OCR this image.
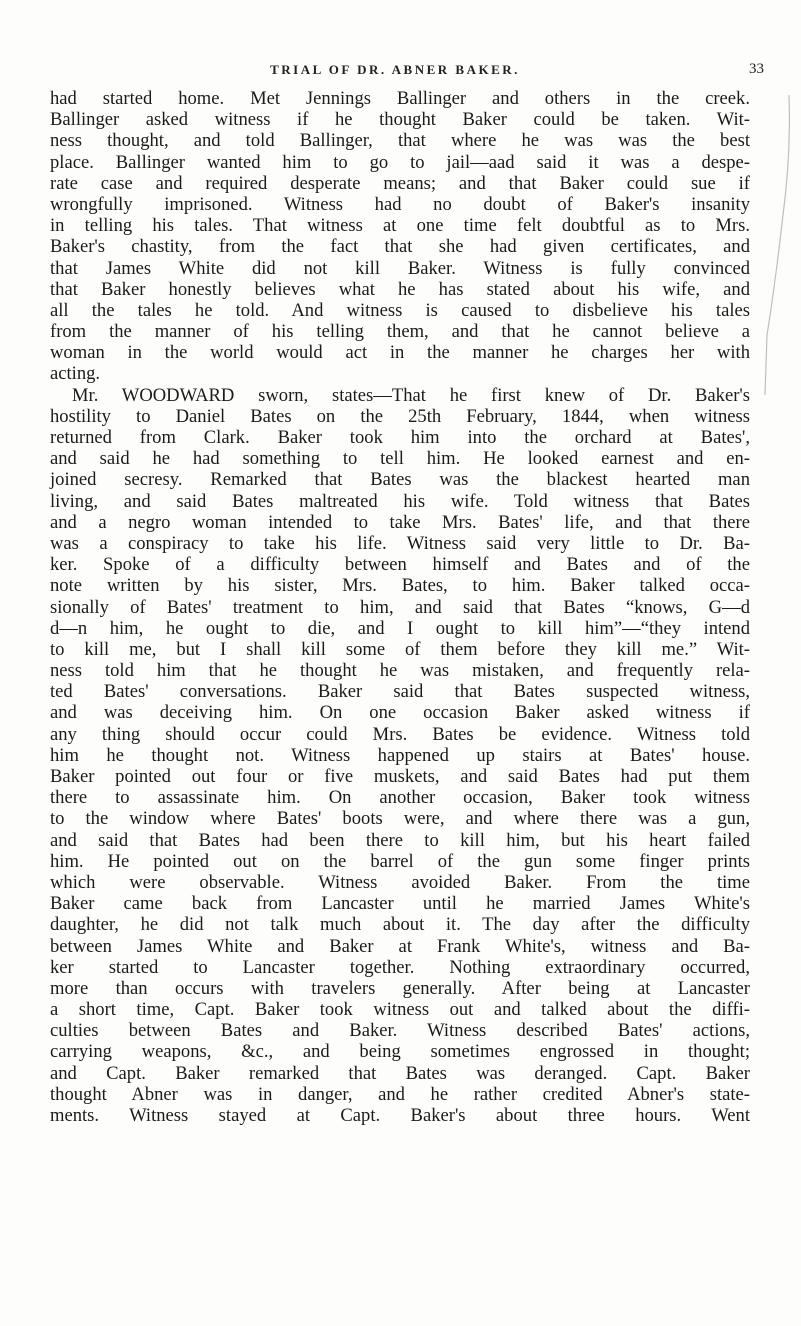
TRIAL OF DR. ABNER BAKER.	33
had started home. Met Jennings Ballinger and others in the creek.
Ballinger asked witness if he thought Baker could be taken. Wit-
ness thought, and told Ballinger, that where he was was the best
place. Ballinger wanted him to go to jail—aad said it was a despe-
rate case and required desperate means; and that Baker could sue if
wrongfully imprisoned. Witness had no doubt of Baker's insanity
in telling his tales. That witness at one time felt doubtful as to Mrs.
Baker's chastity, from the fact that she had given certificates, and
that James White did not kill Baker. Witness is fully convinced
that Baker honestly believes what he has stated about his wife, and
all the tales he told. And witness is caused to disbelieve his tales
from the manner of his telling them, and that he cannot believe a
woman in the world would act in the manner he charges her with
acting.
Mr. WOODWARD sworn, states—That he first knew of Dr. Baker's
hostility to Daniel Bates on the 25th February, 1844, when witness
returned from Clark. Baker took him into the orchard at Bates',
and said he had something to tell him. He looked earnest and en-
joined secresy. Remarked that Bates was the blackest hearted man
living, and said Bates maltreated his wife. Told witness that Bates
and a negro woman intended to take Mrs. Bates' life, and that there
was a conspiracy to take his life. Witness said very little to Dr. Ba-
ker. Spoke of a difficulty between himself and Bates and of the
note written by his sister, Mrs. Bates, to him. Baker talked occa-
sionally of Bates' treatment to him, and said that Bates “knows, G—d
d—n him, he ought to die, and I ought to kill him”—“they intend
to kill me, but I shall kill some of them before they kill me.” Wit-
ness told him that he thought he was mistaken, and frequently rela-
ted Bates' conversations. Baker said that Bates suspected witness,
and was deceiving him. On one occasion Baker asked witness if
any thing should occur could Mrs. Bates be evidence. Witness told
him he thought not. Witness happened up stairs at Bates' house.
Baker pointed out four or five muskets, and said Bates had put them
there to assassinate him. On another occasion, Baker took witness
to the window where Bates' boots were, and where there was a gun,
and said that Bates had been there to kill him, but his heart failed
him. He pointed out on the barrel of the gun some finger prints
which were observable. Witness avoided Baker. From the time
Baker came back from Lancaster until he married James White's
daughter, he did not talk much about it. The day after the difficulty
between James White and Baker at Frank White's, witness and Ba-
ker started to Lancaster together. Nothing extraordinary occurred,
more than occurs with travelers generally. After being at Lancaster
a short time, Capt. Baker took witness out and talked about the diffi-
culties between Bates and Baker. Witness described Bates' actions,
carrying weapons, &c., and being sometimes engrossed in thought;
and Capt. Baker remarked that Bates was deranged. Capt. Baker
thought Abner was in danger, and he rather credited Abner's state-
ments. Witness stayed at Capt. Baker's about three hours. Went
